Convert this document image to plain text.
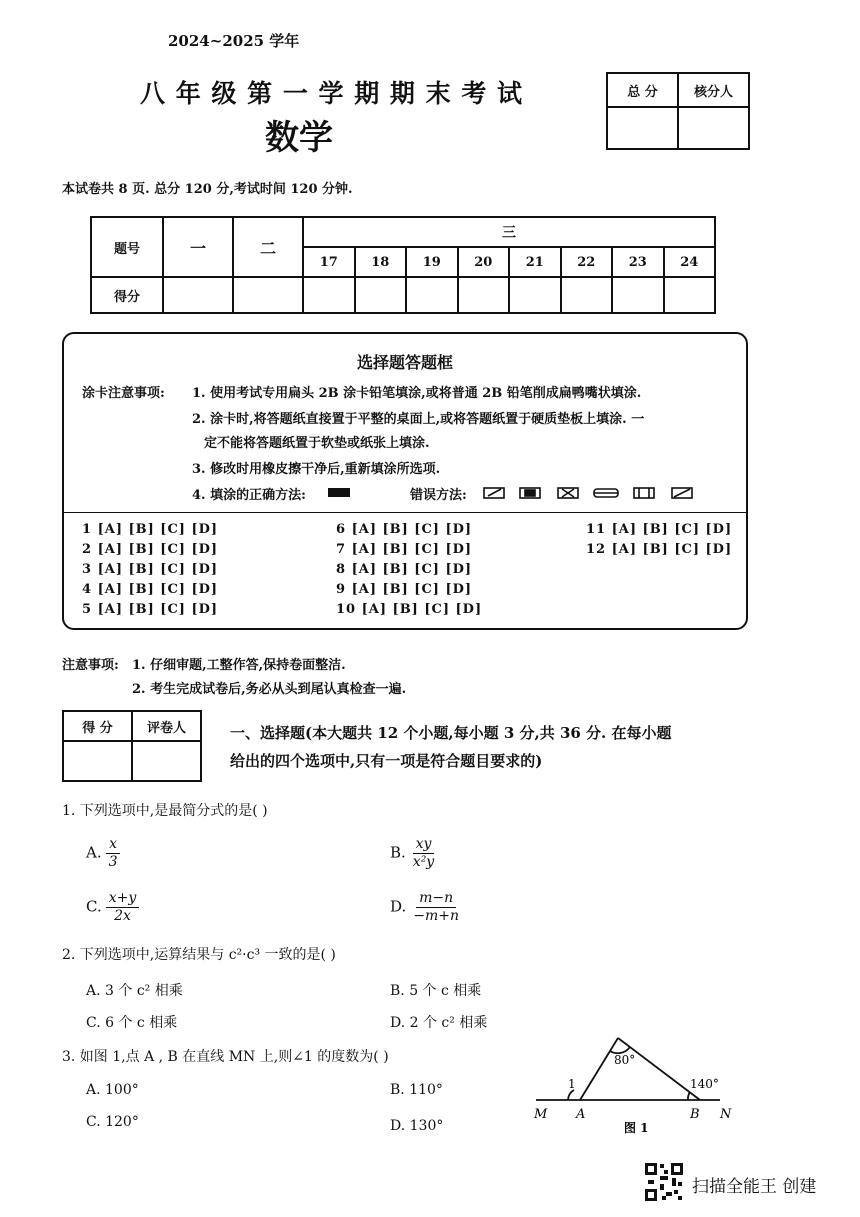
2024~2025 学年
八 年 级 第 一 学 期 期 末 考 试
数学
总 分	核分人

本试卷共 8 页. 总分 120 分,考试时间 120 分钟.
题号	一	二	三							
			17	18	19	20	21	22	23	24
得分										
选择题答题框
涂卡注意事项: 1. 使用考试专用扁头 2B 涂卡铅笔填涂,或将普通 2B 铅笔削成扁鸭嘴状填涂.
2. 涂卡时,将答题纸直接置于平整的桌面上,或将答题纸置于硬质垫板上填涂. 一
定不能将答题纸置于软垫或纸张上填涂.
3. 修改时用橡皮擦干净后,重新填涂所选项.
4. 填涂的正确方法:	错误方法:
1 [A] [B] [C] [D]
2 [A] [B] [C] [D]
3 [A] [B] [C] [D]
4 [A] [B] [C] [D]
5 [A] [B] [C] [D]
6 [A] [B] [C] [D]
7 [A] [B] [C] [D]
8 [A] [B] [C] [D]
9 [A] [B] [C] [D]
10 [A] [B] [C] [D]
11 [A] [B] [C] [D]
12 [A] [B] [C] [D]
注意事项: 1. 仔细审题,工整作答,保持卷面整洁.
2. 考生完成试卷后,务必从头到尾认真检查一遍.
得 分	评卷人
		一、选择题(本大题共 12 个小题,每小题 3 分,共 36 分. 在每小题
给出的四个选项中,只有一项是符合题目要求的)
1. 下列选项中,是最简分式的是( )
A. $\frac{x}{3}$	B. $\frac{xy}{\text{x²y}}$
C. $\frac{x+y}{2x}$	D. $\frac{m-n}{-m+n}$
2. 下列选项中,运算结果与 c²·c³ 一致的是( )
A. 3 个 c² 相乘	B. 5 个 c 相乘
C. 6 个 c 相乘	D. 2 个 c² 相乘
3. 如图 1,点 A , B 在直线 MN 上,则∠1 的度数为( )
A. 100°	B. 110°
C. 120°	D. 130°
80°
140°
1
M A	B N
图 1
扫描全能王 创建
